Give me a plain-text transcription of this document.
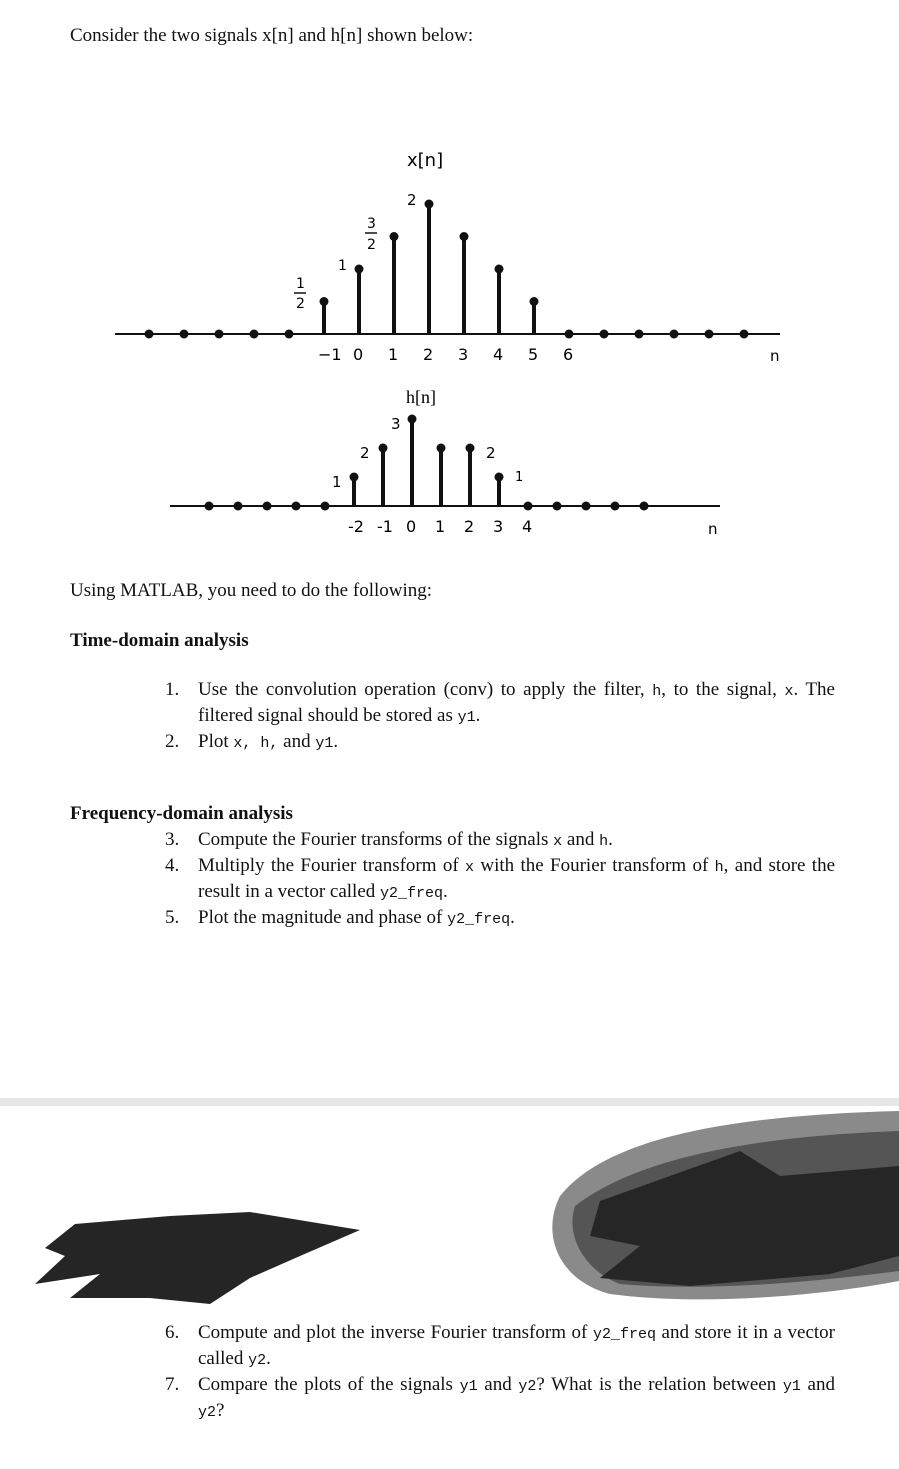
Consider the two signals x[n] and h[n] shown below:
x[n]
−1 0 1 2 3 4 5 6	n
1
2
1
3
2
2
h[n]
-2 -1 0 1 2 3 4	n
1
2
3
2
1
Using MATLAB, you need to do the following:
Time-domain analysis
1. Use the convolution operation (conv) to apply the filter, h, to the signal, x. The filtered signal should be stored as y1.
2. Plot x, h, and y1.
Frequency-domain analysis
3. Compute the Fourier transforms of the signals x and h.
4. Multiply the Fourier transform of x with the Fourier transform of h, and store the result in a vector called y2_freq.
5. Plot the magnitude and phase of y2_freq.
6. Compute and plot the inverse Fourier transform of y2_freq and store it in a vector called y2.
7. Compare the plots of the signals y1 and y2? What is the relation between y1 and y2?
